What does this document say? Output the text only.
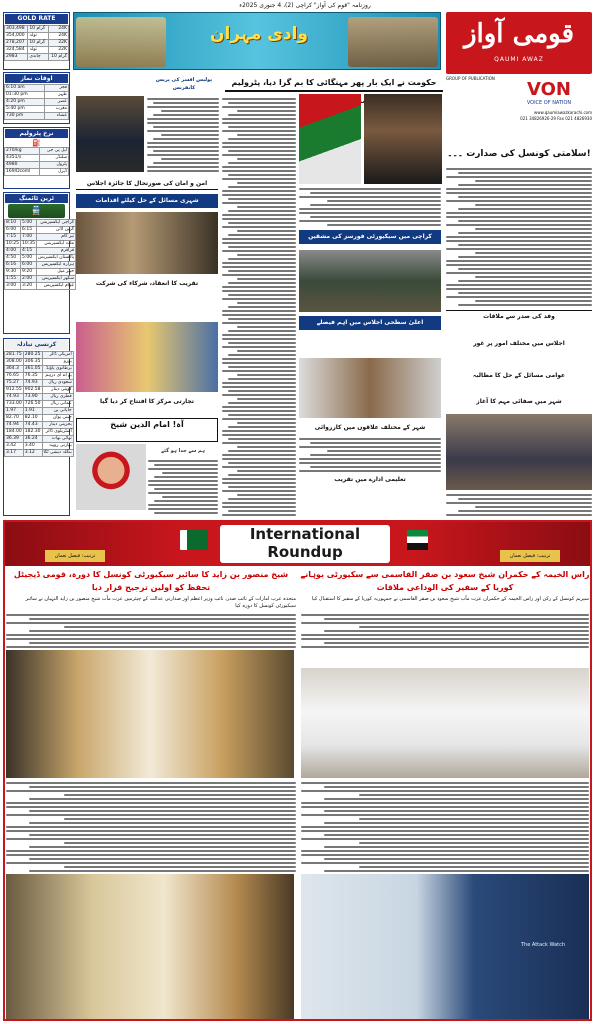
روزنامہ "قوم کی آواز" کراچی (2)، 4 جنوری 2025ء
GOLD RATE
303,498	10 گرام	24K
354,000	تولہ	24K
278,207	10 گرام	22K
324,584	تولہ	22K
2983	چاندی	10 گرام
اوقات نماز
6:10 am	فجر
01:30 pm	ظہر
4:20 pm	عصر
5:40 pm	مغرب
730 pm	عشاء
نرخ پٹرولیم
⛽
270/kg	ایل پی جی
4351/s	سلنڈر
4980	پٹرول
169/Dcoml	ڈیزل
ٹرین ٹائمنگ
🚆
8:10	5:00	کراچی ایکسپریس
6:00	6:15	گرین لائن
7:15	7:00	تیز گام
10:25	10:35	ملت ایکسپریس
4:00	4:15	قراقرم
4:50	5:00	پاکستان ایکسپریس
6:16	6:00	ہزارہ ایکسپریس
9:30	9:20	خیبر میل
1:55	2:00	سکھر ایکسپریس
3:00	3:20	عوام ایکسپریس
کرنسی تبادلہ
281.75	280.25	امریکی ڈالر
308.00	306.35	یورو
364.3	361.05	برطانوی پاؤنڈ
76.65	76.35	یو اے ای درہم
75.27	74.93	سعودی ریال
912.55	902.58	کویتی دینار
74.93	73.90	قطری ریال
733.00	726.50	عمانی ریال
1.97	1.91	جاپانی ین
82.70	82.10	چینی یوآن
74.94	74.43	بحرینی دینار
184.00	182.30	آسٹریلوی ڈالر
36.39	36.24	تھائی بھات
3.42	3.40	بھارتی روپیہ
3.17	3.12	بنگلہ دیشی ٹکا
وادی مہران	قومی آواز
QAUMI AWAZ
GROUP OF PUBLICATION
VON
VOICE OF NATION
www.qaumiawazkarachi.com
021 34826926-29 Fax 021 4826930
سلامتی کونسل کی صدارت ۔۔۔!
حکومت نے ایک بار پھر مہنگائی کا بم گرا دیا، پٹرولیم
پولیس افسر کی پریس کانفرنس
امن و امان کی صورتحال کا جائزہ اجلاس
شہری مسائل کے حل کیلئے اقدامات
تقریب کا انعقاد، شرکاء کی شرکت
تجارتی مرکز کا افتتاح کر دیا گیا
آہ! امام الدین شیخ
ہم سے جدا ہو گئے
کراچی میں سیکیورٹی فورسز کی مشقیں
اعلیٰ سطحی اجلاس میں اہم فیصلے
شہر کے مختلف علاقوں میں کارروائی
تعلیمی ادارے میں تقریب
وفد کی صدر سے ملاقات
اجلاس میں مختلف امور پر غور
عوامی مسائل کے حل کا مطالبہ
شہر میں صفائی مہم کا آغاز
International
Roundup
ترتیب: فیصل نعمان	ترتیب: فیصل نعمان
شیخ منصور بن زاید کا سائبر سیکیورٹی کونسل کا دورہ، قومی ڈیجیٹل تحفظ کو اولین ترجیح قرار دیا
راس الخیمہ کے حکمران شیخ سعود بن صقر القاسمی سے سکیورٹی بوہانے کوریا کے سفیر کی الوداعی ملاقات
متحدہ عرب امارات کے نائب صدر، نائب وزیر اعظم اور صدارتی عدالت کے چیئرمین عزت مآب شیخ منصور بن زاید النہیان نے سائبر سیکیورٹی کونسل کا دورہ کیا
سپریم کونسل کے رکن اور راس الخیمہ کے حکمران عزت مآب شیخ سعود بن صقر القاسمی نے جمہوریہ کوریا کے سفیر کا استقبال کیا
The Attack Watch
